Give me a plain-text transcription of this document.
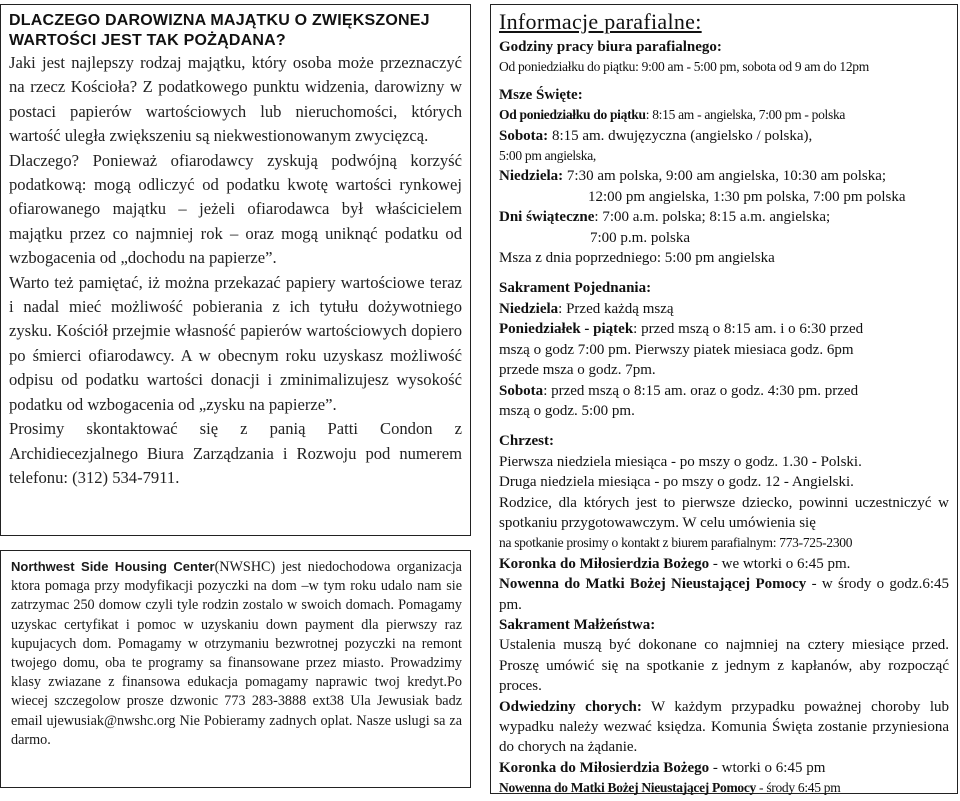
DLACZEGO DAROWIZNA MAJĄTKU O ZWIĘKSZONEJ WARTOŚCI JEST TAK POŻĄDANA?

Jaki jest najlepszy rodzaj majątku, który osoba może przeznaczyć na rzecz Kościoła? Z podatkowego punktu widzenia, darowizny w postaci papierów wartościowych lub nieruchomości, których wartość uległa zwiększeniu są niekwestionowanym zwycięzcą.

Dlaczego? Ponieważ ofiarodawcy zyskują podwójną korzyść podatkową: mogą odliczyć od podatku kwotę wartości rynkowej ofiarowanego majątku – jeżeli ofiarodawca był właścicielem majątku przez co najmniej rok – oraz mogą uniknąć podatku od wzbogacenia od „dochodu na papierze”.

Warto też pamiętać, iż można przekazać papiery wartościowe teraz i nadal mieć możliwość pobierania z ich tytułu dożywotniego zysku. Kościół przejmie własność papierów wartościowych dopiero po śmierci ofiarodawcy. A w obecnym roku uzyskasz możliwość odpisu od podatku wartości donacji i zminimalizujesz wysokość podatku od wzbogacenia od „zysku na papierze”.

Prosimy skontaktować się z panią Patti Condon z Archidiecezjalnego Biura Zarządzania i Rozwoju pod numerem telefonu: (312) 534-7911.

Northwest Side Housing Center(NWSHC) jest niedochodowa organizacja ktora pomaga przy modyfikacji pozyczki na dom –w tym roku udalo nam sie zatrzymac 250 domow czyli tyle rodzin zostalo w swoich domach. Pomagamy uzyskac certyfikat i pomoc w uzyskaniu down payment dla pierwszy raz kupujacych dom. Pomagamy w otrzymaniu bezwrotnej pozyczki na remont twojego domu, oba te programy sa finansowane przez miasto. Prowadzimy klasy zwiazane z finansowa edukacja pomagamy naprawic twoj kredyt.Po wiecej szczegolow prosze dzwonic 773 283-3888 ext38 Ula Jewusiak badz email ujewusiak@nwshc.org Nie Pobieramy zadnych oplat. Nasze uslugi sa za darmo.

Informacje parafialne:
Godziny pracy biura parafialnego:
Od poniedziałku do piątku: 9:00 am - 5:00 pm, sobota od 9 am do 12pm
Msze Święte:
Od poniedziałku do piątku: 8:15 am - angielska, 7:00 pm - polska
Sobota: 8:15 am. dwujęzyczna (angielsko / polska),
5:00 pm angielska,
Niedziela: 7:30 am polska, 9:00 am angielska, 10:30 am polska;
12:00 pm angielska, 1:30 pm polska, 7:00 pm polska
Dni świąteczne: 7:00 a.m. polska; 8:15 a.m. angielska;
7:00 p.m. polska
Msza z dnia poprzedniego: 5:00 pm angielska
Sakrament Pojednania:
Niedziela: Przed każdą mszą
Poniedziałek - piątek: przed mszą o 8:15 am. i o 6:30 przed
mszą o godz 7:00 pm. Pierwszy piatek miesiaca godz. 6pm
przede msza o godz. 7pm.
Sobota: przed mszą o 8:15 am. oraz o godz. 4:30 pm. przed
mszą o godz. 5:00 pm.
Chrzest:
Pierwsza niedziela miesiąca - po mszy o godz. 1.30 - Polski.
Druga niedziela miesiąca - po mszy o godz. 12 - Angielski.

Rodzice, dla których jest to pierwsze dziecko, powinni uczestniczyć w spotkaniu przygotowawczym. W celu umówienia się

na spotkanie prosimy o kontakt z biurem parafialnym: 773-725-2300
Koronka do Miłosierdzia Bożego - we wtorki o 6:45 pm.

Nowenna do Matki Bożej Nieustającej Pomocy - w środy o godz.6:45 pm.

Sakrament Małżeństwa:

Ustalenia muszą być dokonane co najmniej na cztery miesiące przed. Proszę umówić się na spotkanie z jednym z kapłanów, aby rozpocząć proces.

Odwiedziny chorych: W każdym przypadku poważnej choroby lub wypadku należy wezwać księdza. Komunia Święta zostanie przyniesiona do chorych na żądanie.

Koronka do Miłosierdzia Bożego - wtorki o 6:45 pm
Nowenna do Matki Bożej Nieustającej Pomocy - środy 6:45 pm
